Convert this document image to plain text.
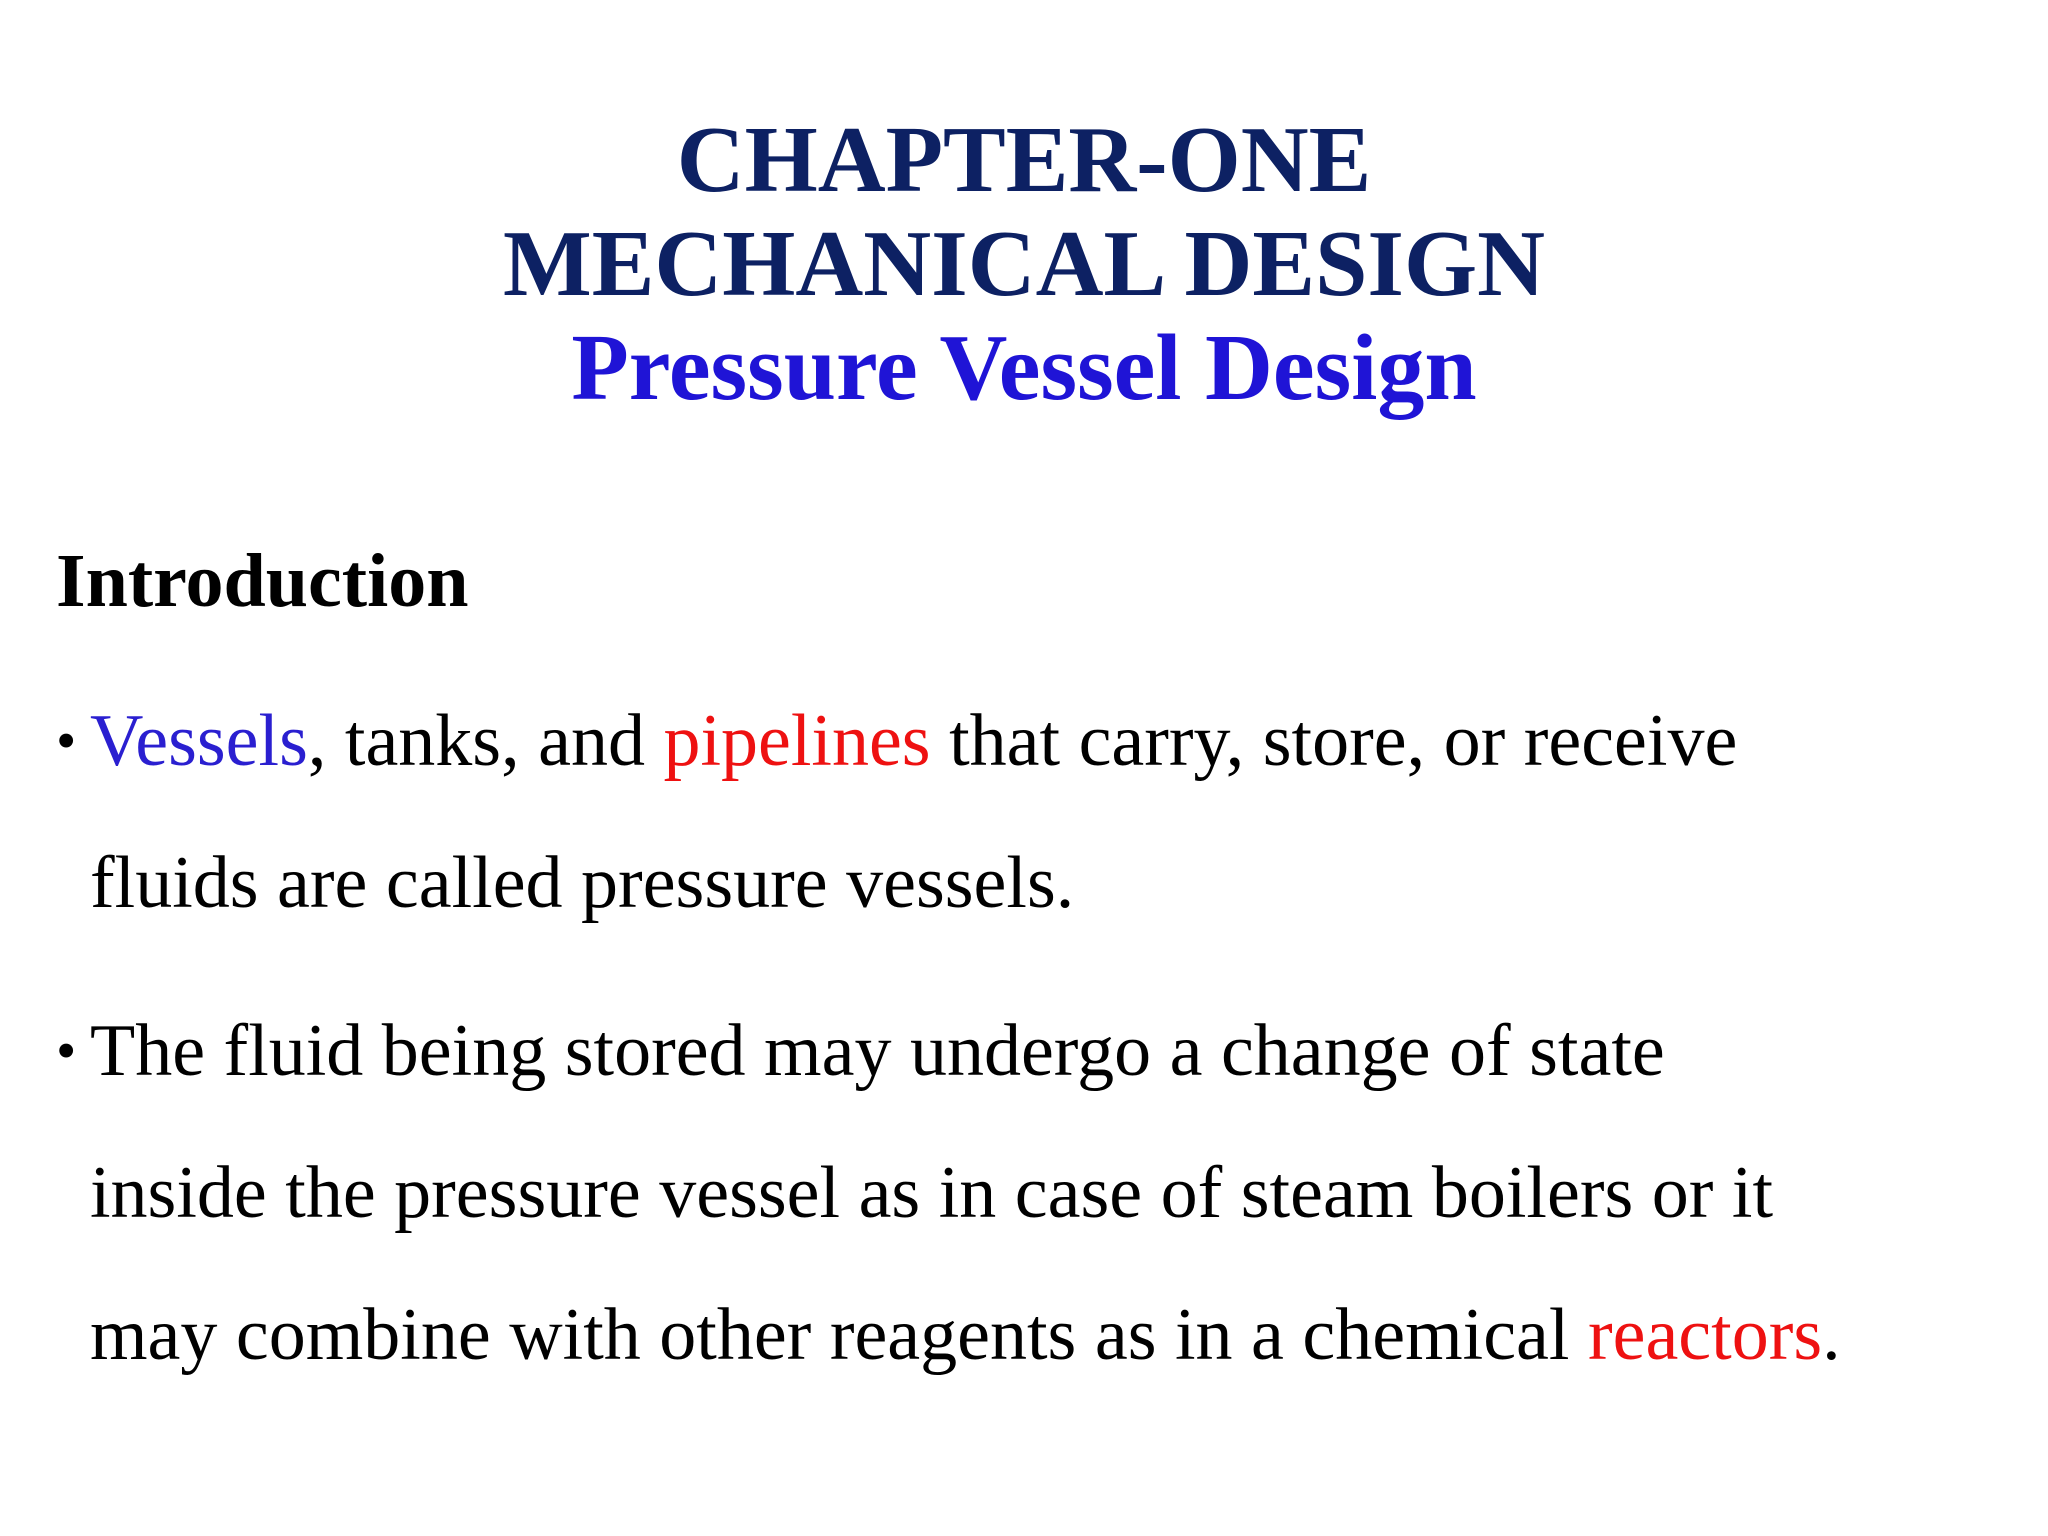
CHAPTER-ONE
MECHANICAL DESIGN
Pressure Vessel Design
Introduction
• Vessels, tanks, and pipelines that carry, store, or receive
fluids are called pressure vessels.
• The fluid being stored may undergo a change of state
inside the pressure vessel as in case of steam boilers or it
may combine with other reagents as in a chemical reactors.
